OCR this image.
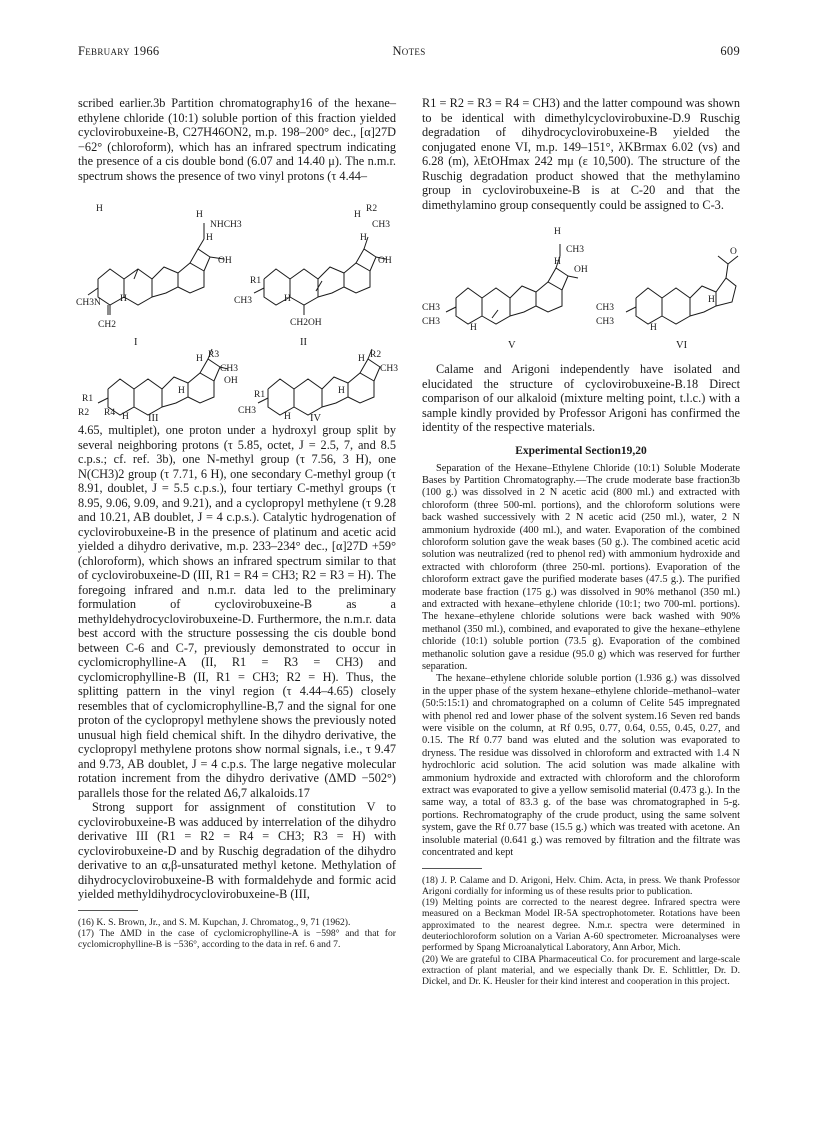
February 1966	Notes	609

scribed earlier.3b Partition chromatography16 of the hexane–ethylene chloride (10:1) soluble portion of this fraction yielded cyclovirobuxeine-B, C27H46ON2, m.p. 198–200° dec., [α]27D −62° (chloroform), which has an infrared spectrum indicating the presence of a cis double bond (6.07 and 14.40 μ). The n.m.r. spectrum shows the presence of two vinyl protons (τ 4.44–

H
NHCH3
H
H
OH
CH3N
CH2
H
I
R2
H
CH3
H
OH
R1
CH3
CH2OH
H
II
R3
H
CH3
OH
R1
R2 R4 H
H
III
R2
H
CH3
R1
CH3
H
H
IV

4.65, multiplet), one proton under a hydroxyl group split by several neighboring protons (τ 5.85, octet, J = 2.5, 7, and 8.5 c.p.s.; cf. ref. 3b), one N-methyl group (τ 7.56, 3 H), one N(CH3)2 group (τ 7.71, 6 H), one secondary C-methyl group (τ 8.91, doublet, J = 5.5 c.p.s.), four tertiary C-methyl groups (τ 8.95, 9.06, 9.09, and 9.21), and a cyclopropyl methylene (τ 9.28 and 10.21, AB doublet, J = 4 c.p.s.). Catalytic hydrogenation of cyclovirobuxeine-B in the presence of platinum and acetic acid yielded a dihydro derivative, m.p. 233–234° dec., [α]27D +59° (chloroform), which shows an infrared spectrum similar to that of cyclovirobuxeine-D (III, R1 = R4 = CH3; R2 = R3 = H). The foregoing infrared and n.m.r. data led to the preliminary formulation of cyclovirobuxeine-B as a methyldehydrocyclovirobuxeine-D. Furthermore, the n.m.r. data best accord with the structure possessing the cis double bond between C-6 and C-7, previously demonstrated to occur in cyclomicrophylline-A (II, R1 = R3 = CH3) and cyclomicrophylline-B (II, R1 = CH3; R2 = H). Thus, the splitting pattern in the vinyl region (τ 4.44–4.65) closely resembles that of cyclomicrophylline-B,7 and the signal for one proton of the cyclopropyl methylene shows the previously noted unusual high field chemical shift. In the dihydro derivative, the cyclopropyl methylene protons show normal signals, i.e., τ 9.47 and 9.73, AB doublet, J = 4 c.p.s. The large negative molecular rotation increment from the dihydro derivative (ΔMD −502°) parallels those for the related Δ6,7 alkaloids.17

Strong support for assignment of constitution V to cyclovirobuxeine-B was adduced by interrelation of the dihydro derivative III (R1 = R2 = R4 = CH3; R3 = H) with cyclovirobuxeine-D and by Ruschig degradation of the dihydro derivative to an α,β-unsaturated methyl ketone. Methylation of dihydrocyclovirobuxeine-B with formaldehyde and formic acid yielded methyldihydrocyclovirobuxeine-B (III,

(16) K. S. Brown, Jr., and S. M. Kupchan, J. Chromatog., 9, 71 (1962).

(17) The ΔMD in the case of cyclomicrophylline-A is −598° and that for cyclomicrophylline-B is −536°, according to the data in ref. 6 and 7.

R1 = R2 = R3 = R4 = CH3) and the latter compound was shown to be identical with dimethylcyclovirobuxine-D.9 Ruschig degradation of dihydrocyclovirobuxeine-B yielded the conjugated enone VI, m.p. 149–151°, λKBrmax 6.02 (vs) and 6.28 (m), λEtOHmax 242 mμ (ε 10,500). The structure of the Ruschig degradation product showed that the methylamino group in cyclovirobuxeine-B is at C-20 and that the dimethylamino group consequently could be assigned to C-3.

H
CH3
H
OH
CH3
CH3
H
V
O
CH3
CH3
H
H
VI

Calame and Arigoni independently have isolated and elucidated the structure of cyclovirobuxeine-B.18 Direct comparison of our alkaloid (mixture melting point, t.l.c.) with a sample kindly provided by Professor Arigoni has confirmed the identity of the respective materials.

Experimental Section19,20

Separation of the Hexane–Ethylene Chloride (10:1) Soluble Moderate Bases by Partition Chromatography.—The crude moderate base fraction3b (100 g.) was dissolved in 2 N acetic acid (800 ml.) and extracted with chloroform (three 500-ml. portions), and the chloroform solutions were back washed successively with 2 N acetic acid (250 ml.), water, 2 N ammonium hydroxide (400 ml.), and water. Evaporation of the combined chloroform solution gave the weak bases (50 g.). The combined acetic acid solution was neutralized (red to phenol red) with ammonium hydroxide and extracted with chloroform (three 250-ml. portions). Evaporation of the chloroform extract gave the purified moderate bases (47.5 g.). The purified moderate base fraction (175 g.) was dissolved in 90% methanol (350 ml.) and extracted with hexane–ethylene chloride (10:1; two 700-ml. portions). The hexane–ethylene chloride solutions were back washed with 90% methanol (350 ml.), combined, and evaporated to give the hexane–ethylene chloride (10:1) soluble portion (73.5 g). Evaporation of the combined methanolic solution gave a residue (95.0 g) which was reserved for further separation.

The hexane–ethylene chloride soluble portion (1.936 g.) was dissolved in the upper phase of the system hexane–ethylene chloride–methanol–water (50:5:15:1) and chromatographed on a column of Celite 545 impregnated with phenol red and lower phase of the solvent system.16 Seven red bands were visible on the column, at Rf 0.95, 0.77, 0.64, 0.55, 0.45, 0.27, and 0.15. The Rf 0.77 band was eluted and the solution was evaporated to dryness. The residue was dissolved in chloroform and extracted with 1.4 N hydrochloric acid solution. The acid solution was made alkaline with ammonium hydroxide and extracted with chloroform and the chloroform extract was evaporated to give a yellow semisolid material (0.473 g.). In the same way, a total of 83.3 g. of the base was chromatographed in 5-g. portions. Rechromatography of the crude product, using the same solvent system, gave the Rf 0.77 base (15.5 g.) which was treated with acetone. An insoluble material (0.641 g.) was removed by filtration and the filtrate was concentrated and kept

(18) J. P. Calame and D. Arigoni, Helv. Chim. Acta, in press. We thank Professor Arigoni cordially for informing us of these results prior to publication.

(19) Melting points are corrected to the nearest degree. Infrared spectra were measured on a Beckman Model IR-5A spectrophotometer. Rotations have been approximated to the nearest degree. N.m.r. spectra were determined in deuteriochloroform solution on a Varian A-60 spectrometer. Microanalyses were performed by Spang Microanalytical Laboratory, Ann Arbor, Mich.

(20) We are grateful to CIBA Pharmaceutical Co. for procurement and large-scale extraction of plant material, and we especially thank Dr. E. Schlittler, Dr. D. Dickel, and Dr. K. Heusler for their kind interest and cooperation in this project.
